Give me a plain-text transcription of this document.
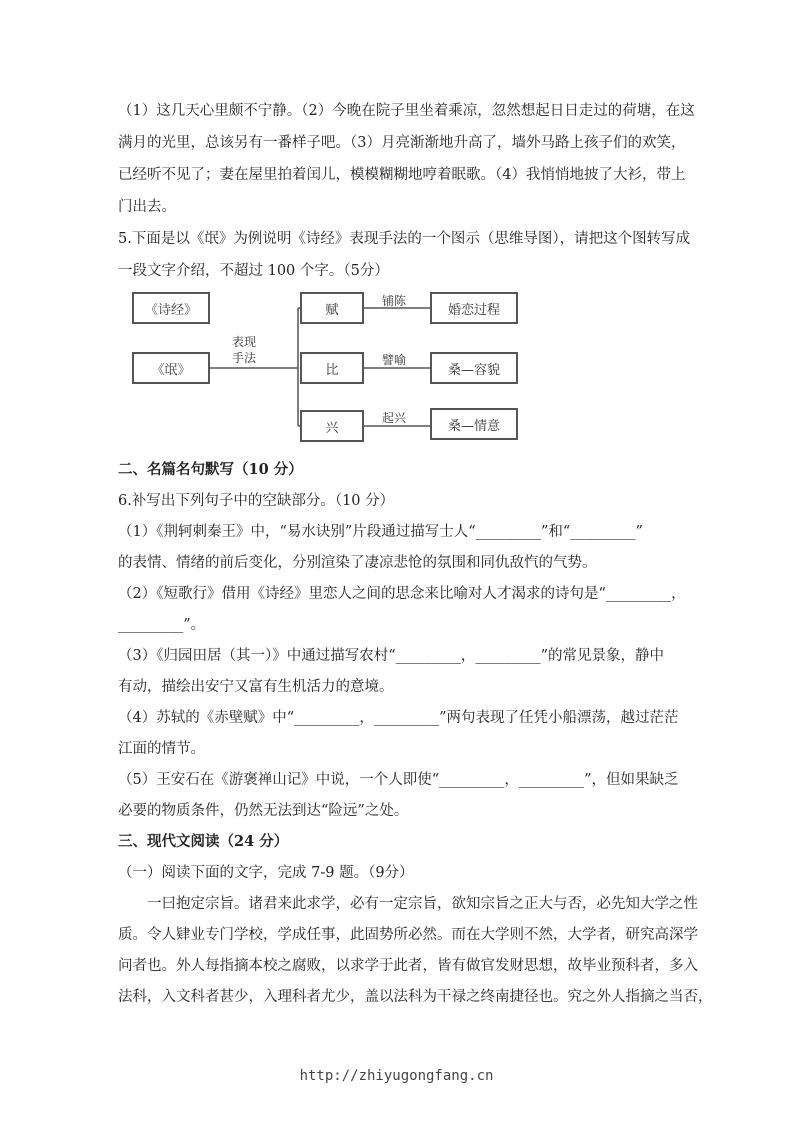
（1）这几天心里颇不宁静。（2）今晚在院子里坐着乘凉，忽然想起日日走过的荷塘，在这

满月的光里，总该另有一番样子吧。（3）月亮渐渐地升高了，墙外马路上孩子们的欢笑，

已经听不见了；妻在屋里拍着闰儿，模模糊糊地哼着眠歌。（4）我悄悄地披了大衫，带上

门出去。

5.下面是以《氓》为例说明《诗经》表现手法的一个图示（思维导图），请把这个图转写成

一段文字介绍，不超过 100 个字。（5分）

《诗经》
《氓》
表现
手法
赋
比
兴
铺陈
譬喻
起兴
婚恋过程
桑—容貌
桑—情意

二、名篇名句默写（10 分）

6.补写出下列句子中的空缺部分。（10 分）

（1）《荆轲刺秦王》中，“易水诀别”片段通过描写士人“_________”和“_________”

的表情、情绪的前后变化，分别渲染了凄凉悲怆的氛围和同仇敌忾的气势。

（2）《短歌行》借用《诗经》里恋人之间的思念来比喻对人才渴求的诗句是“_________，

_________”。

（3）《归园田居（其一）》中通过描写农村“_________，_________”的常见景象，静中

有动，描绘出安宁又富有生机活力的意境。

（4）苏轼的《赤壁赋》中“_________，_________”两句表现了任凭小船漂荡，越过茫茫

江面的情节。

（5）王安石在《游褒禅山记》中说，一个人即使“_________，_________”，但如果缺乏

必要的物质条件，仍然无法到达“险远”之处。

三、现代文阅读（24 分）

（一）阅读下面的文字，完成 7-9 题。（9分）

一曰抱定宗旨。诸君来此求学，必有一定宗旨，欲知宗旨之正大与否，必先知大学之性

质。令人肄业专门学校，学成任事，此固势所必然。而在大学则不然，大学者，研究高深学

问者也。外人每指摘本校之腐败，以求学于此者，皆有做官发财思想，故毕业预科者，多入

法科，入文科者甚少，入理科者尤少，盖以法科为干禄之终南捷径也。究之外人指摘之当否，

http://zhiyugongfang.cn
